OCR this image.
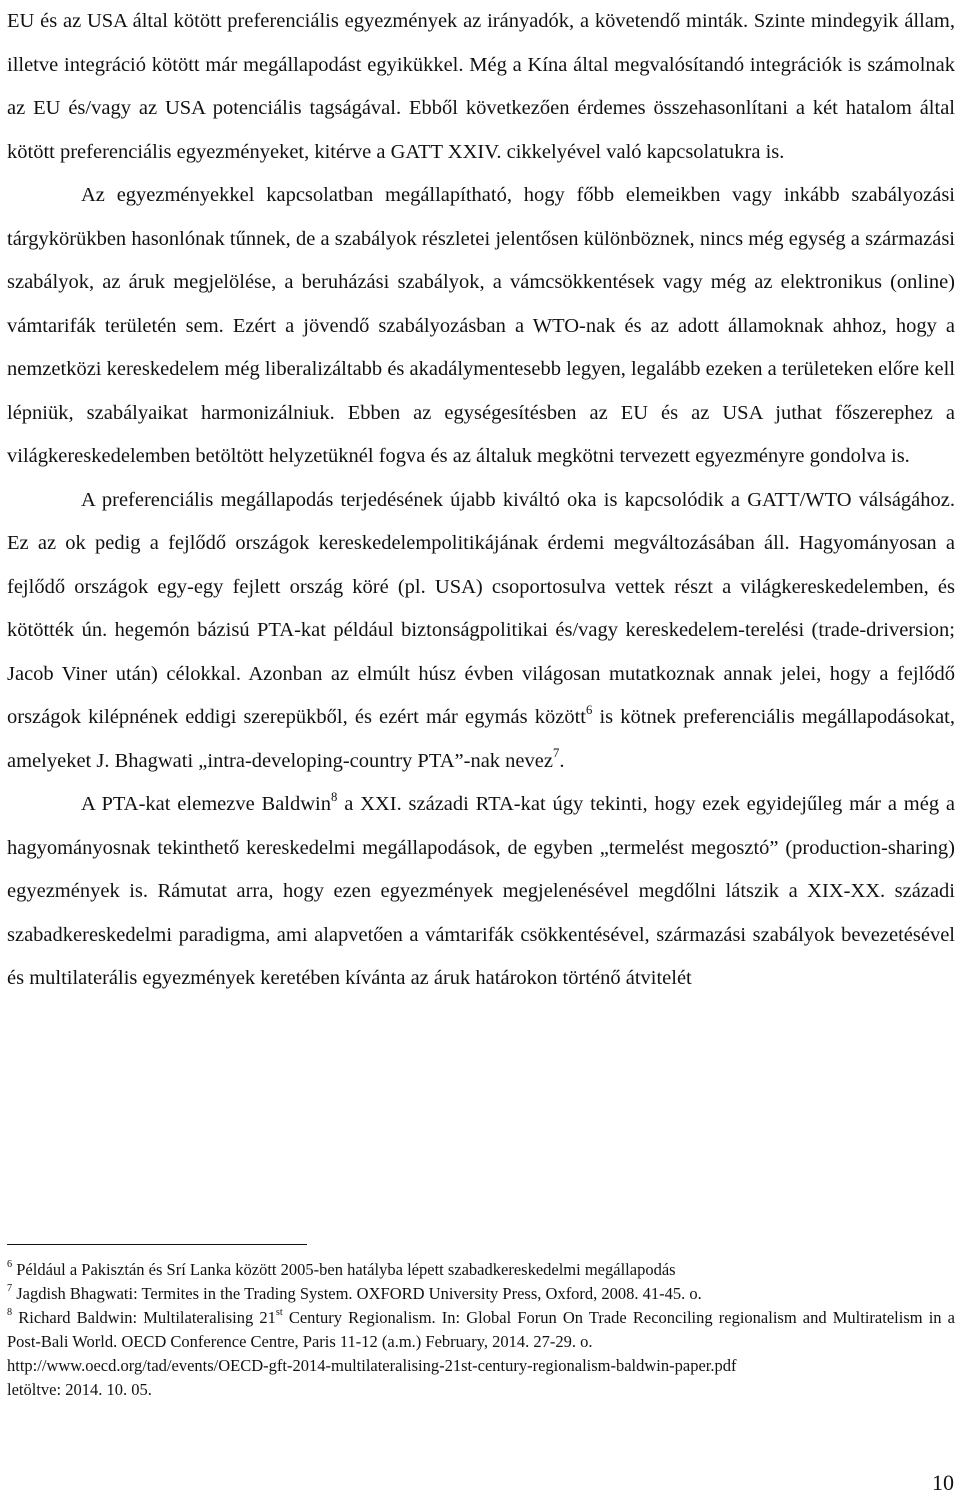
EU és az USA által kötött preferenciális egyezmények az irányadók, a követendő minták. Szinte mindegyik állam, illetve integráció kötött már megállapodást egyikükkel. Még a Kína által megvalósítandó integrációk is számolnak az EU és/vagy az USA potenciális tagságával. Ebből következően érdemes összehasonlítani a két hatalom által kötött preferenciális egyezményeket, kitérve a GATT XXIV. cikkelyével való kapcsolatukra is.

Az egyezményekkel kapcsolatban megállapítható, hogy főbb elemeikben vagy inkább szabályozási tárgykörükben hasonlónak tűnnek, de a szabályok részletei jelentősen különböznek, nincs még egység a származási szabályok, az áruk megjelölése, a beruházási szabályok, a vámcsökkentések vagy még az elektronikus (online) vámtarifák területén sem. Ezért a jövendő szabályozásban a WTO-nak és az adott államoknak ahhoz, hogy a nemzetközi kereskedelem még liberalizáltabb és akadálymentesebb legyen, legalább ezeken a területeken előre kell lépniük, szabályaikat harmonizálniuk. Ebben az egységesítésben az EU és az USA juthat főszerephez a világkereskedelemben betöltött helyzetüknél fogva és az általuk megkötni tervezett egyezményre gondolva is.

A preferenciális megállapodás terjedésének újabb kiváltó oka is kapcsolódik a GATT/WTO válságához. Ez az ok pedig a fejlődő országok kereskedelempolitikájának érdemi megváltozásában áll. Hagyományosan a fejlődő országok egy-egy fejlett ország köré (pl. USA) csoportosulva vettek részt a világkereskedelemben, és kötötték ún. hegemón bázisú PTA-kat például biztonságpolitikai és/vagy kereskedelem-terelési (trade-driversion; Jacob Viner után) célokkal. Azonban az elmúlt húsz évben világosan mutatkoznak annak jelei, hogy a fejlődő országok kilépnének eddigi szerepükből, és ezért már egymás között$^6$ is kötnek preferenciális megállapodásokat, amelyeket J. Bhagwati „intra-developing-country PTA”-nak nevez$^7$.

A PTA-kat elemezve Baldwin$^8$ a XXI. századi RTA-kat úgy tekinti, hogy ezek egyidejűleg már a még a hagyományosnak tekinthető kereskedelmi megállapodások, de egyben „termelést megosztó” (production-sharing) egyezmények is. Rámutat arra, hogy ezen egyezmények megjelenésével megdőlni látszik a XIX-XX. századi szabadkereskedelmi paradigma, ami alapvetően a vámtarifák csökkentésével, származási szabályok bevezetésével és multilaterális egyezmények keretében kívánta az áruk határokon történő átvitelét

$^6$ Például a Pakisztán és Srí Lanka között 2005-ben hatályba lépett szabadkereskedelmi megállapodás

$^7$ Jagdish Bhagwati: Termites in the Trading System. OXFORD University Press, Oxford, 2008. 41-45. o.

$^8$ Richard Baldwin: Multilateralising 21st Century Regionalism. In: Global Forun On Trade Reconciling regionalism and Multiratelism in a Post-Bali World. OECD Conference Centre, Paris 11-12 (a.m.) February, 2014. 27-29. o.

http://www.oecd.org/tad/events/OECD-gft-2014-multilateralising-21st-century-regionalism-baldwin-paper.pdf

letöltve: 2014. 10. 05.

10
